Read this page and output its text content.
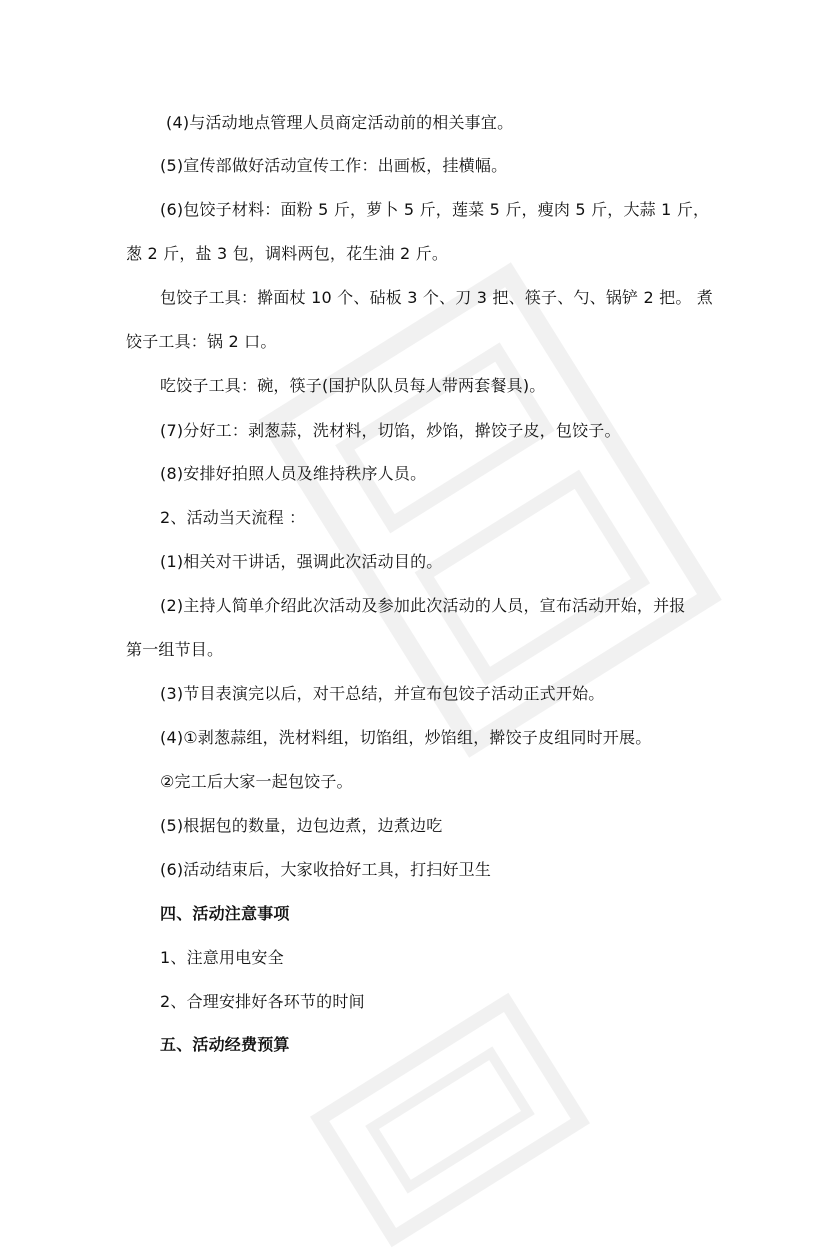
(4)与活动地点管理人员商定活动前的相关事宜。
(5)宣传部做好活动宣传工作：出画板，挂横幅。
(6)包饺子材料：面粉 5 斤，萝卜 5 斤，莲菜 5 斤，瘦肉 5 斤，大蒜 1 斤，
葱 2 斤，盐 3 包，调料两包，花生油 2 斤。
包饺子工具：擀面杖 10 个、砧板 3 个、刀 3 把、筷子、勺、锅铲 2 把。 煮
饺子工具：锅 2 口。
吃饺子工具：碗，筷子(国护队队员每人带两套餐具)。
(7)分好工：剥葱蒜，洗材料，切馅，炒馅，擀饺子皮，包饺子。
(8)安排好拍照人员及维持秩序人员。
2、活动当天流程 ：
(1)相关对干讲话，强调此次活动目的。
(2)主持人简单介绍此次活动及参加此次活动的人员，宣布活动开始，并报
第一组节目。
(3)节目表演完以后，对干总结，并宣布包饺子活动正式开始。
(4)①剥葱蒜组，洗材料组，切馅组，炒馅组，擀饺子皮组同时开展。
②完工后大家一起包饺子。
(5)根据包的数量，边包边煮，边煮边吃
(6)活动结束后，大家收拾好工具，打扫好卫生
四、活动注意事项
1、注意用电安全
2、合理安排好各环节的时间
五、活动经费预算
